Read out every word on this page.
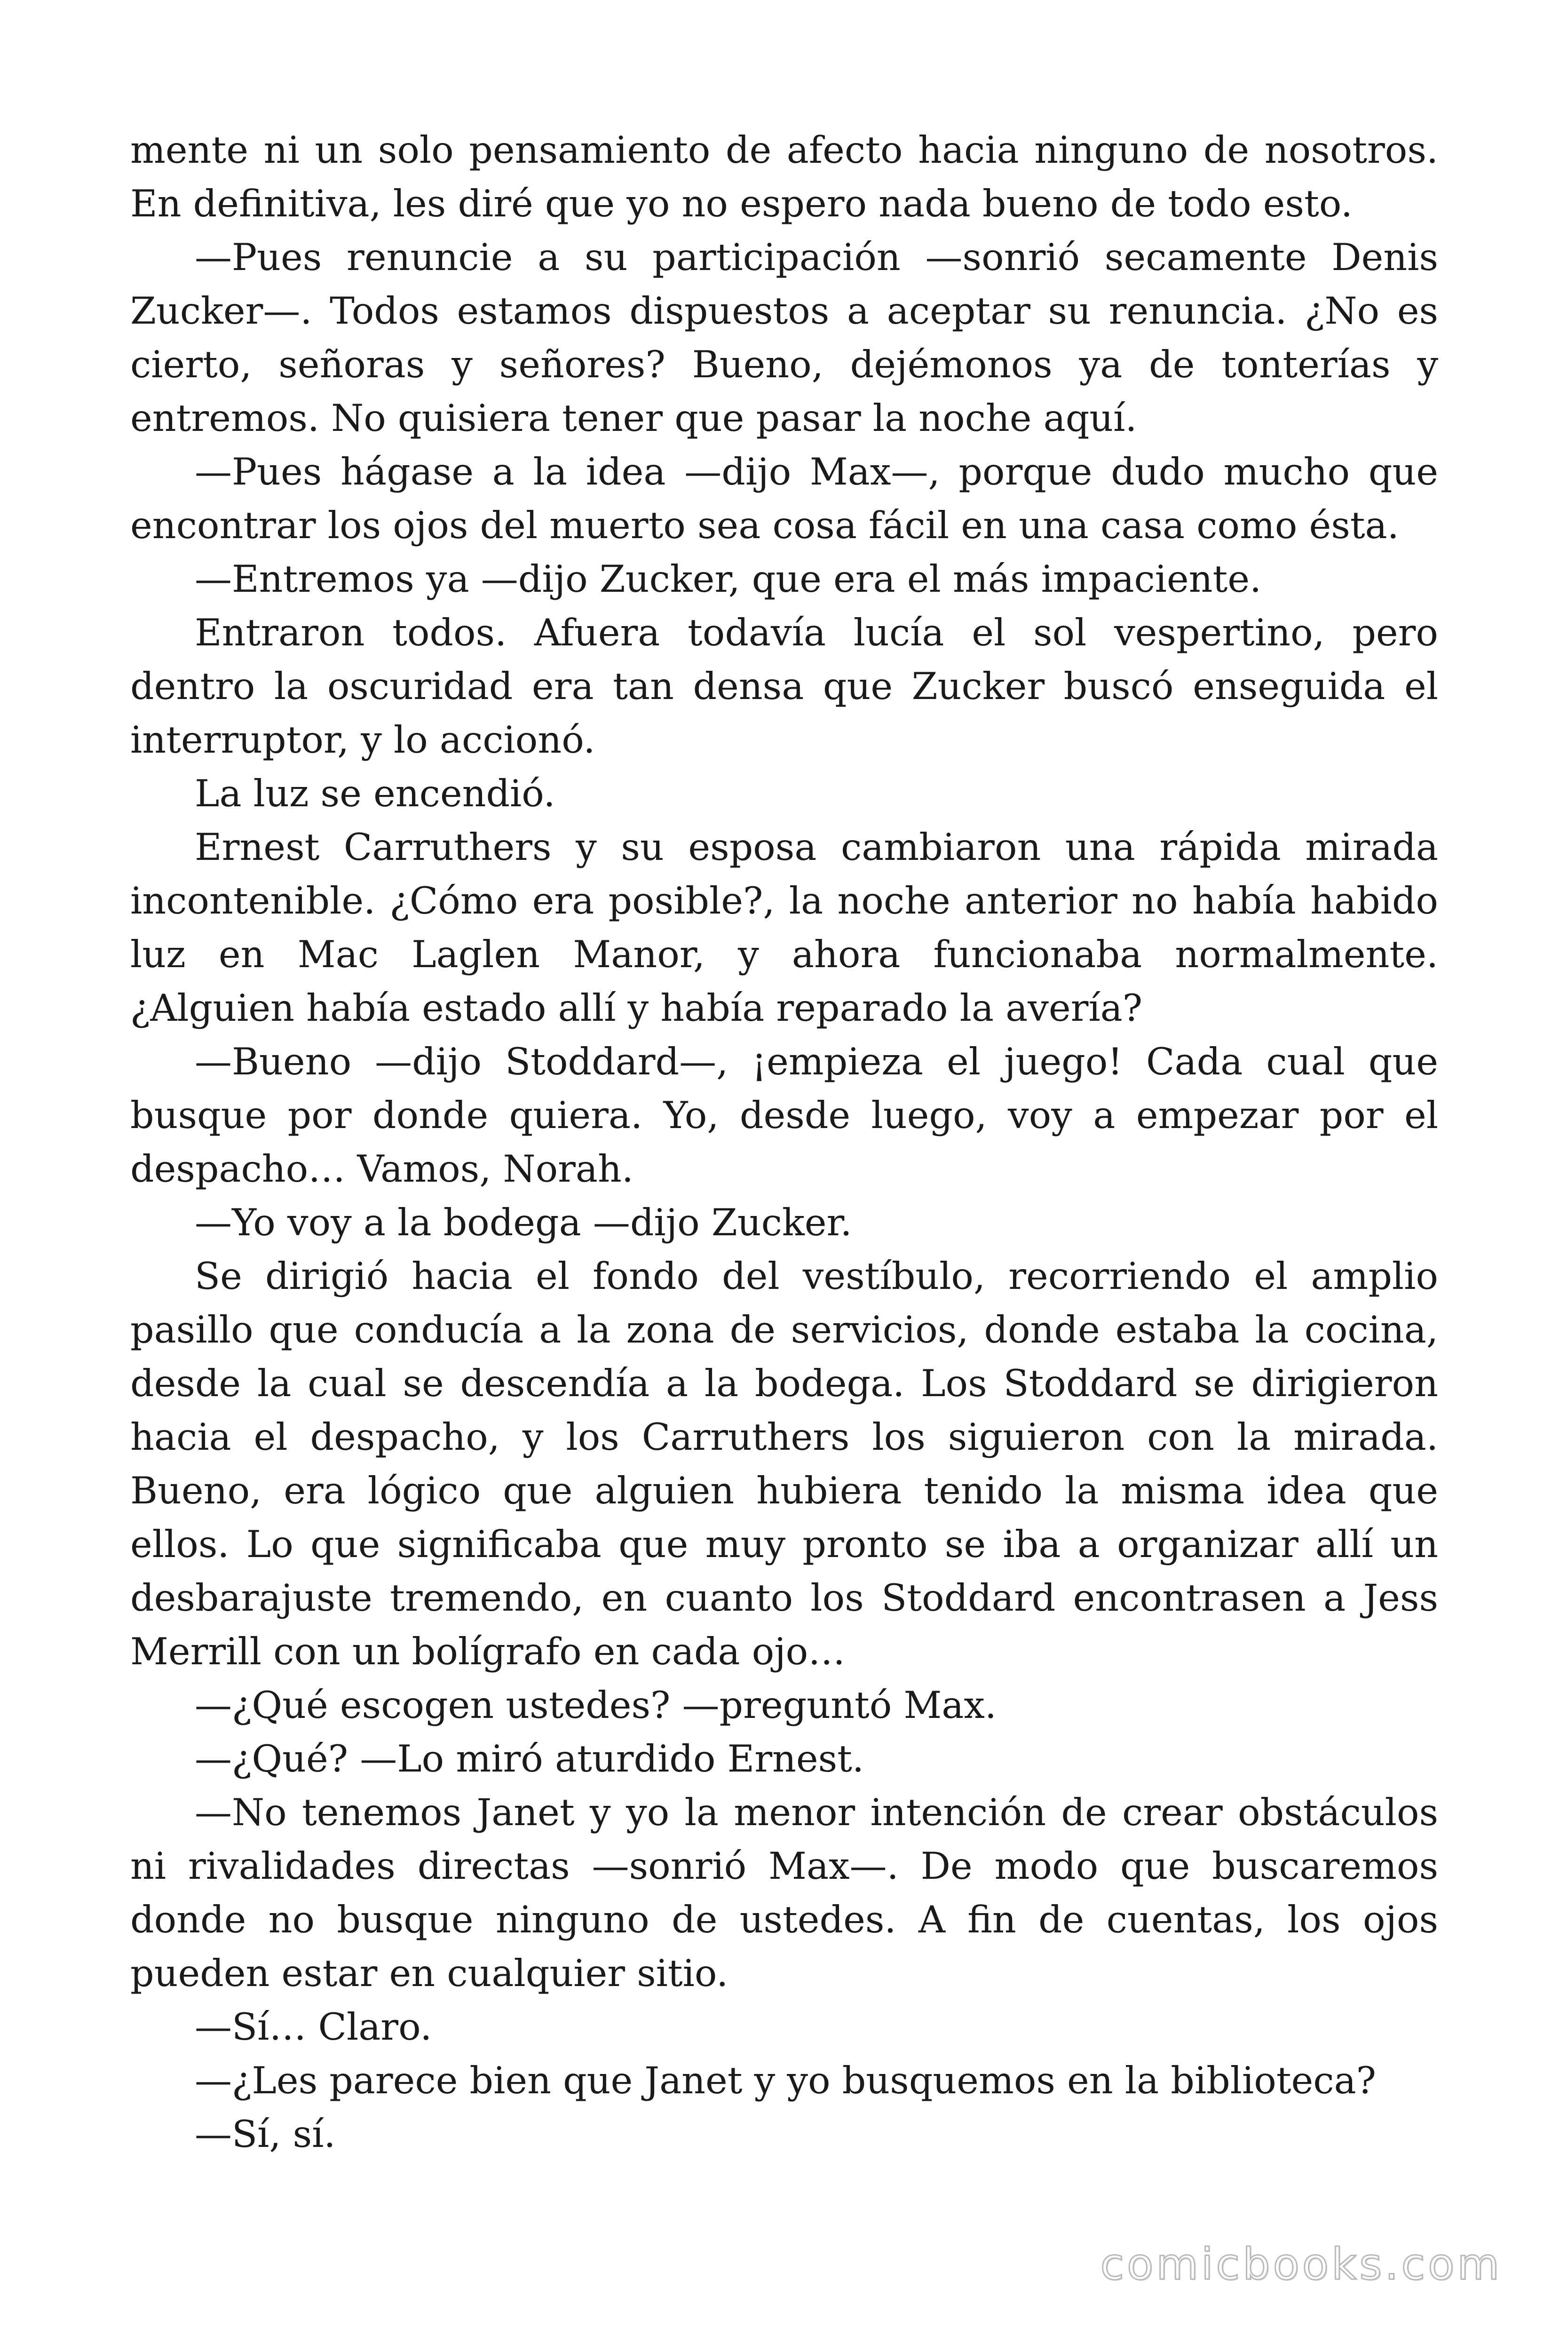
mente ni un solo pensamiento de afecto hacia ninguno de nosotros. En definitiva, les diré que yo no espero nada bueno de todo esto.

—Pues renuncie a su participación —sonrió secamente Denis Zucker—. Todos estamos dispuestos a aceptar su renuncia. ¿No es cierto, señoras y señores? Bueno, dejémonos ya de tonterías y entremos. No quisiera tener que pasar la noche aquí.

—Pues hágase a la idea —dijo Max—, porque dudo mucho que encontrar los ojos del muerto sea cosa fácil en una casa como ésta.

—Entremos ya —dijo Zucker, que era el más impaciente.

Entraron todos. Afuera todavía lucía el sol vespertino, pero dentro la oscuridad era tan densa que Zucker buscó enseguida el interruptor, y lo accionó.

La luz se encendió.

Ernest Carruthers y su esposa cambiaron una rápida mirada incontenible. ¿Cómo era posible?, la noche anterior no había habido luz en Mac Laglen Manor, y ahora funcionaba normalmente. ¿Alguien había estado allí y había reparado la avería?

—Bueno —dijo Stoddard—, ¡empieza el juego! Cada cual que busque por donde quiera. Yo, desde luego, voy a empezar por el despacho… Vamos, Norah.

—Yo voy a la bodega —dijo Zucker.

Se dirigió hacia el fondo del vestíbulo, recorriendo el amplio pasillo que conducía a la zona de servicios, donde estaba la cocina, desde la cual se descendía a la bodega. Los Stoddard se dirigieron hacia el despacho, y los Carruthers los siguieron con la mirada. Bueno, era lógico que alguien hubiera tenido la misma idea que ellos. Lo que significaba que muy pronto se iba a organizar allí un desbarajuste tremendo, en cuanto los Stoddard encontrasen a Jess Merrill con un bolígrafo en cada ojo…

—¿Qué escogen ustedes? —preguntó Max.

—¿Qué? —Lo miró aturdido Ernest.

—No tenemos Janet y yo la menor intención de crear obstáculos ni rivalidades directas —sonrió Max—. De modo que buscaremos donde no busque ninguno de ustedes. A fin de cuentas, los ojos pueden estar en cualquier sitio.

—Sí… Claro.

—¿Les parece bien que Janet y yo busquemos en la biblioteca?

—Sí, sí.

comicbooks.com
